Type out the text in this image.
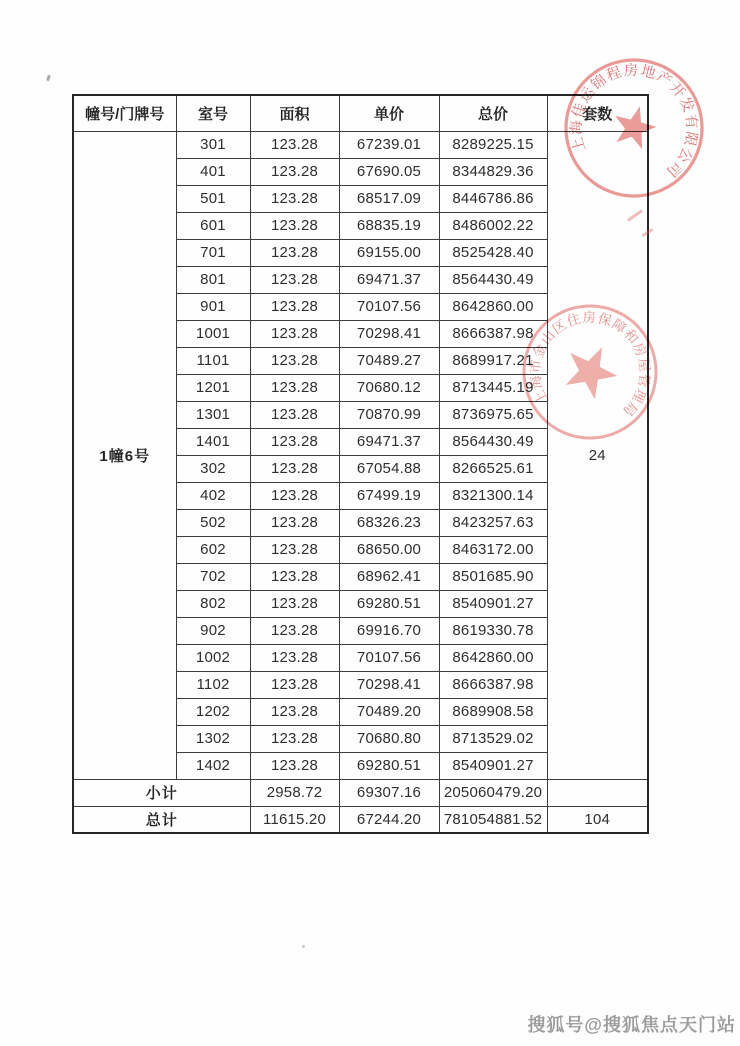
幢号/门牌号	室号	面积	单价	总价	套数
1幢6号	301	123.28	67239.01	8289225.15	24
	401	123.28	67690.05	8344829.36	
	501	123.28	68517.09	8446786.86	
	601	123.28	68835.19	8486002.22	
	701	123.28	69155.00	8525428.40	
	801	123.28	69471.37	8564430.49	
	901	123.28	70107.56	8642860.00	
	1001	123.28	70298.41	8666387.98	
	1101	123.28	70489.27	8689917.21	
	1201	123.28	70680.12	8713445.19	
	1301	123.28	70870.99	8736975.65	
	1401	123.28	69471.37	8564430.49	
	302	123.28	67054.88	8266525.61	
	402	123.28	67499.19	8321300.14	
	502	123.28	68326.23	8423257.63	
	602	123.28	68650.00	8463172.00	
	702	123.28	68962.41	8501685.90	
	802	123.28	69280.51	8540901.27	
	902	123.28	69916.70	8619330.78	
	1002	123.28	70107.56	8642860.00	
	1102	123.28	70298.41	8666387.98	
	1202	123.28	70489.20	8689908.58	
	1302	123.28	70680.80	8713529.02	
	1402	123.28	69280.51	8540901.27	
小计		2958.72	69307.16	205060479.20	
总计		11615.20	67244.20	781054881.52	104
上海佳运锦程房地产开发有限公司
上海市金山区住房保障和房屋管理局
搜狐号@搜狐焦点天门站
